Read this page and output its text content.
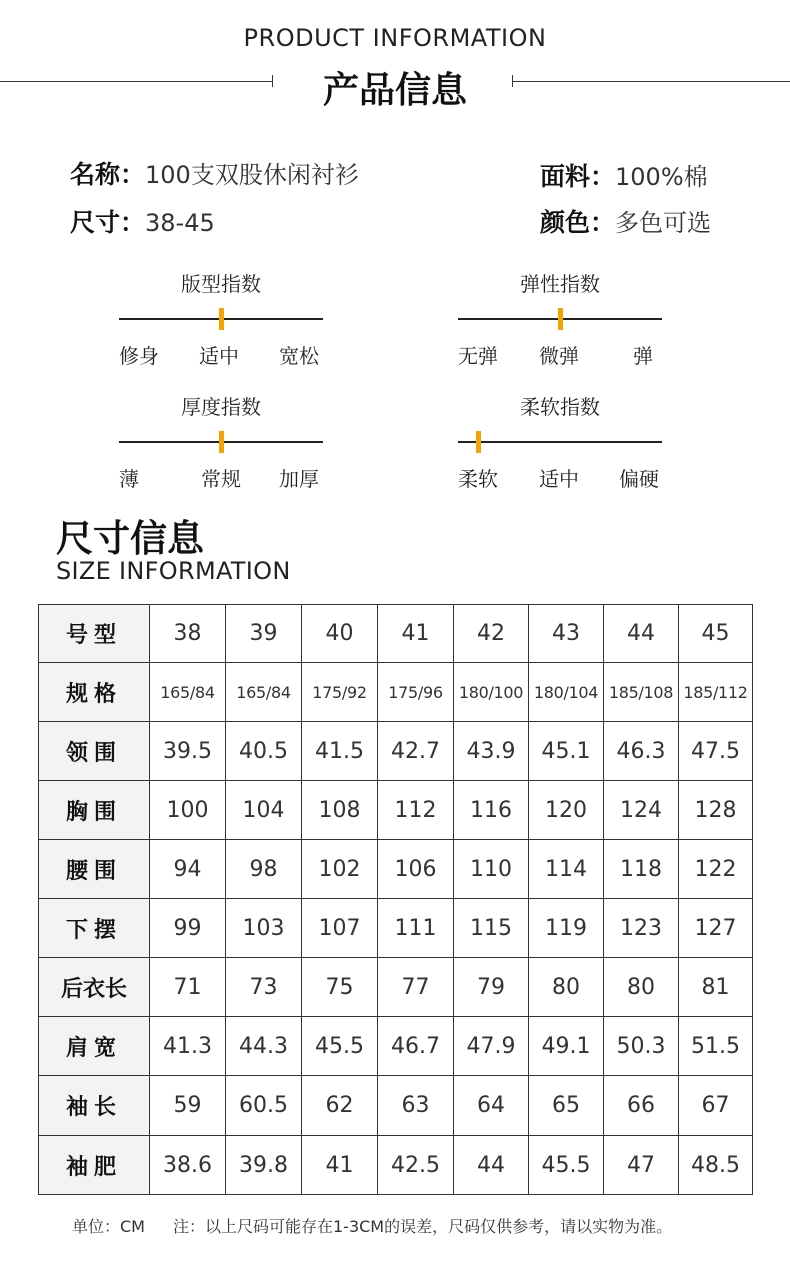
PRODUCT INFORMATION
产品信息
名称：100支双股休闲衬衫	面料：100%棉
尺寸：38-45	颜色：多色可选
版型指数
修身 适中 宽松
弹性指数
无弹 微弹	弹
厚度指数
薄	常规 加厚
柔软指数
柔软 适中 偏硬
尺寸信息
SIZE INFORMATION
号型	38	39	40	41	42	43	44	45
规格	165/84	165/84	175/92	175/96	180/100	180/104	185/108	185/112
领围	39.5	40.5	41.5	42.7	43.9	45.1	46.3	47.5
胸围	100	104	108	112	116	120	124	128
腰围	94	98	102	106	110	114	118	122
下摆	99	103	107	111	115	119	123	127
后衣长	71	73	75	77	79	80	80	81
肩宽	41.3	44.3	45.5	46.7	47.9	49.1	50.3	51.5
袖长	59	60.5	62	63	64	65	66	67
袖肥	38.6	39.8	41	42.5	44	45.5	47	48.5
单位：CM 注：以上尺码可能存在1-3CM的误差，尺码仅供参考，请以实物为准。
